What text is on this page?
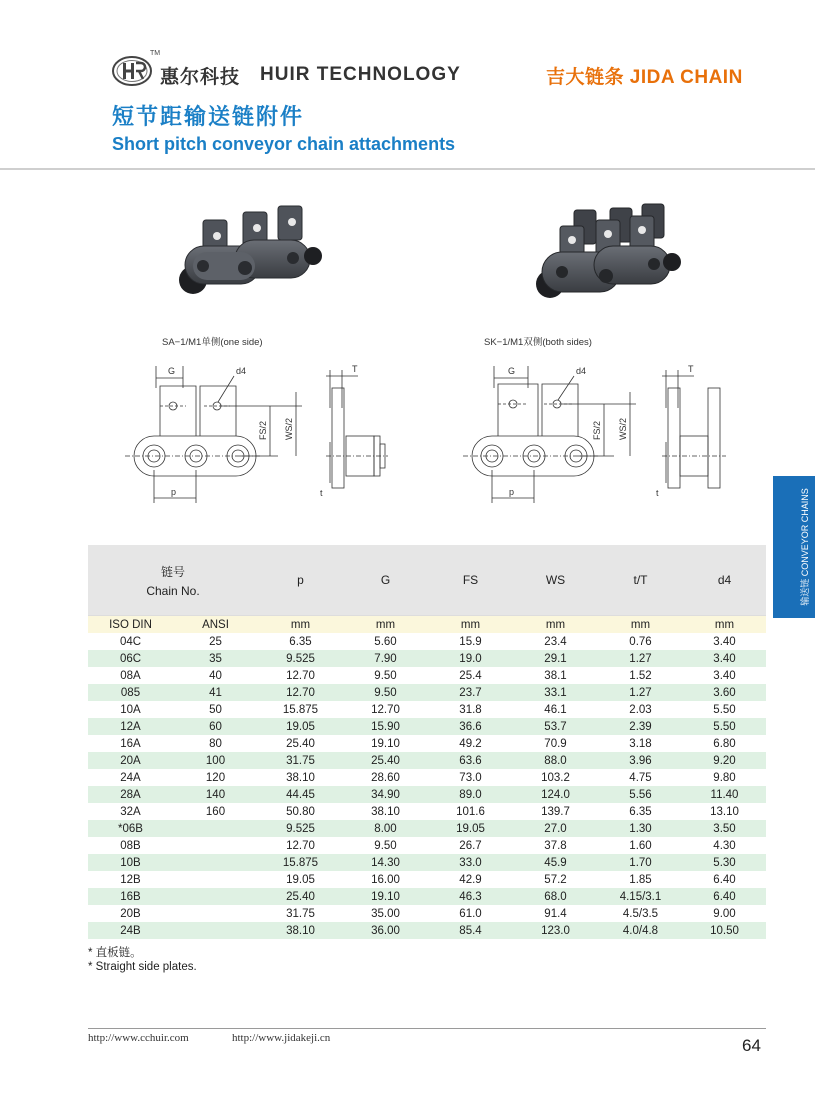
TM
惠尔科技 HUIR TECHNOLOGY	吉大链条 JIDA CHAIN
短节距输送链附件
Short pitch conveyor chain attachments
输送链 CONVEYOR CHAINS
SA−1/M1单侧(one side)	SK−1/M1双侧(both sides)
G	d4
p
FS/2 WS/2
T
t
G	d4
p
FS/2 WS/2
T
t
链号
Chain No.		p	G	FS	WS	t/T	d4
ISO DIN	ANSI	mm	mm	mm	mm	mm	mm
04C	25	6.35	5.60	15.9	23.4	0.76	3.40
06C	35	9.525	7.90	19.0	29.1	1.27	3.40
08A	40	12.70	9.50	25.4	38.1	1.52	3.40
085	41	12.70	9.50	23.7	33.1	1.27	3.60
10A	50	15.875	12.70	31.8	46.1	2.03	5.50
12A	60	19.05	15.90	36.6	53.7	2.39	5.50
16A	80	25.40	19.10	49.2	70.9	3.18	6.80
20A	100	31.75	25.40	63.6	88.0	3.96	9.20
24A	120	38.10	28.60	73.0	103.2	4.75	9.80
28A	140	44.45	34.90	89.0	124.0	5.56	11.40
32A	160	50.80	38.10	101.6	139.7	6.35	13.10
*06B		9.525	8.00	19.05	27.0	1.30	3.50
08B		12.70	9.50	26.7	37.8	1.60	4.30
10B		15.875	14.30	33.0	45.9	1.70	5.30
12B		19.05	16.00	42.9	57.2	1.85	6.40
16B		25.40	19.10	46.3	68.0	4.15/3.1	6.40
20B		31.75	35.00	61.0	91.4	4.5/3.5	9.00
24B		38.10	36.00	85.4	123.0	4.0/4.8	10.50
* 直板链。
* Straight side plates.
http://www.cchuir.com	http://www.jidakeji.cn	64
